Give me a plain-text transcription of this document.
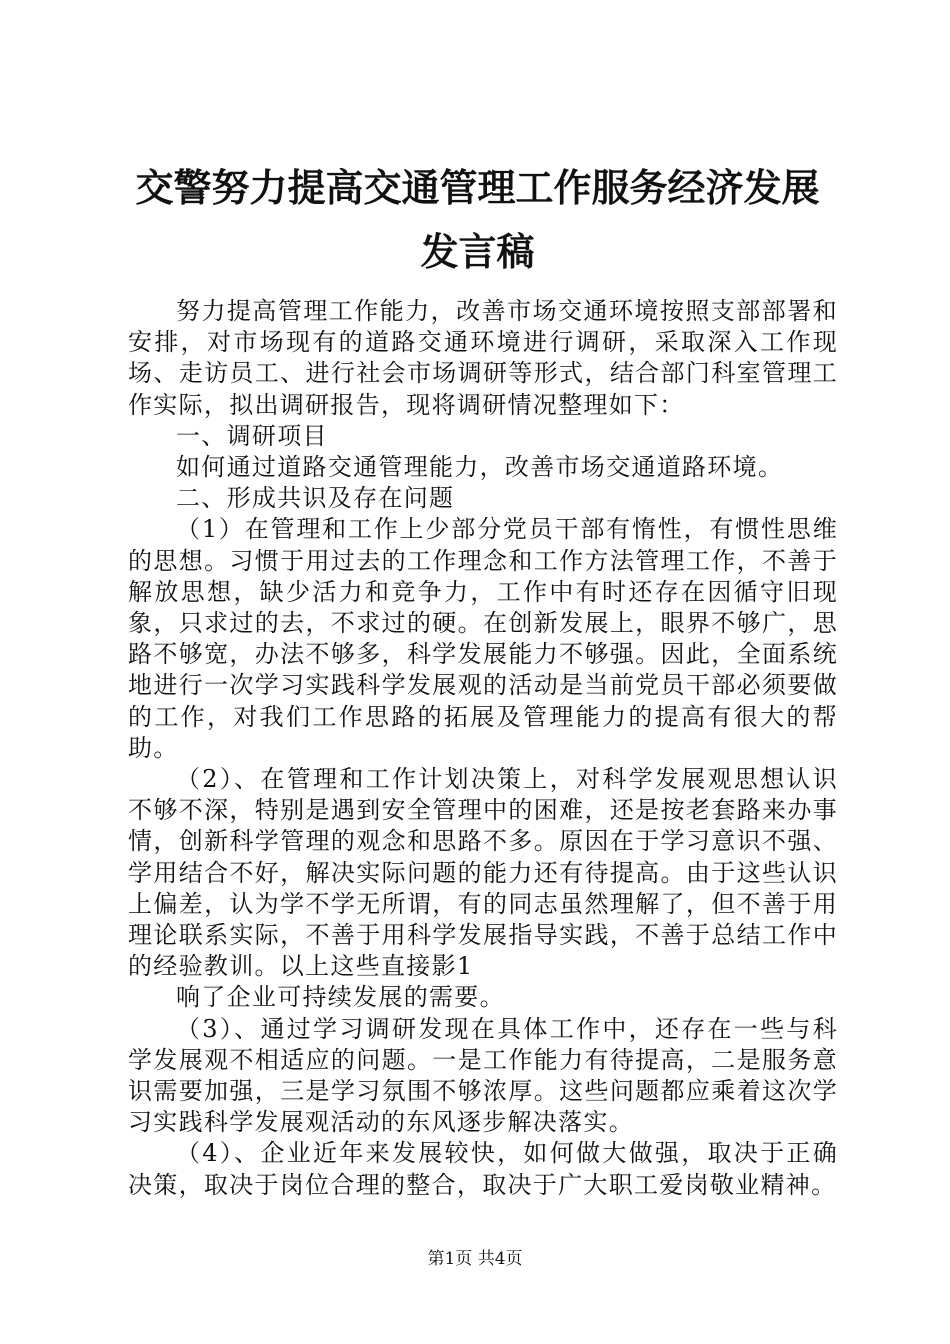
交警努力提高交通管理工作服务经济发展发言稿

努力提高管理工作能力，改善市场交通环境按照支部部署和安排，对市场现有的道路交通环境进行调研，采取深入工作现场、走访员工、进行社会市场调研等形式，结合部门科室管理工作实际，拟出调研报告，现将调研情况整理如下：

一、调研项目

如何通过道路交通管理能力，改善市场交通道路环境。

二、形成共识及存在问题

（1）在管理和工作上少部分党员干部有惰性，有惯性思维的思想。习惯于用过去的工作理念和工作方法管理工作，不善于解放思想，缺少活力和竞争力，工作中有时还存在因循守旧现象，只求过的去，不求过的硬。在创新发展上，眼界不够广，思路不够宽，办法不够多，科学发展能力不够强。因此，全面系统地进行一次学习实践科学发展观的活动是当前党员干部必须要做的工作，对我们工作思路的拓展及管理能力的提高有很大的帮助。

（2）、在管理和工作计划决策上，对科学发展观思想认识不够不深，特别是遇到安全管理中的困难，还是按老套路来办事情，创新科学管理的观念和思路不多。原因在于学习意识不强、学用结合不好，解决实际问题的能力还有待提高。由于这些认识上偏差，认为学不学无所谓，有的同志虽然理解了，但不善于用理论联系实际，不善于用科学发展指导实践，不善于总结工作中的经验教训。以上这些直接影1

响了企业可持续发展的需要。

（3）、通过学习调研发现在具体工作中，还存在一些与科学发展观不相适应的问题。一是工作能力有待提高，二是服务意识需要加强，三是学习氛围不够浓厚。这些问题都应乘着这次学习实践科学发展观活动的东风逐步解决落实。

（4）、企业近年来发展较快，如何做大做强，取决于正确决策，取决于岗位合理的整合，取决于广大职工爱岗敬业精神。

第1页 共4页
